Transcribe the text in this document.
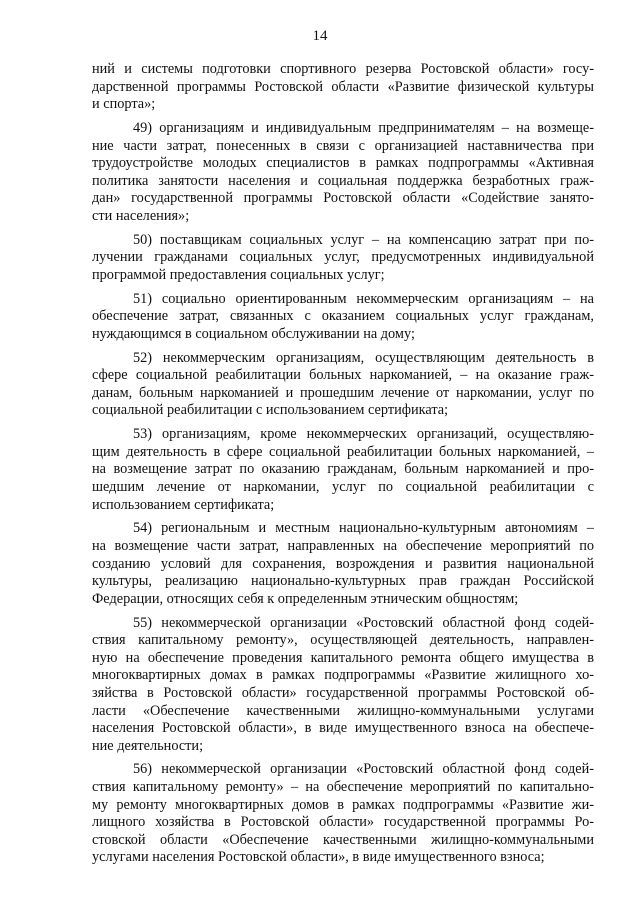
14
ний и системы подготовки спортивного резерва Ростовской области» госу-
дарственной программы Ростовской области «Развитие физической культуры
и спорта»;
49) организациям и индивидуальным предпринимателям – на возмеще-
ние части затрат, понесенных в связи с организацией наставничества при
трудоустройстве молодых специалистов в рамках подпрограммы «Активная
политика занятости населения и социальная поддержка безработных граж-
дан» государственной программы Ростовской области «Содействие занято-
сти населения»;
50) поставщикам социальных услуг – на компенсацию затрат при по-
лучении гражданами социальных услуг, предусмотренных индивидуальной
программой предоставления социальных услуг;
51) социально ориентированным некоммерческим организациям – на
обеспечение затрат, связанных с оказанием социальных услуг гражданам,
нуждающимся в социальном обслуживании на дому;
52) некоммерческим организациям, осуществляющим деятельность в
сфере социальной реабилитации больных наркоманией, – на оказание граж-
данам, больным наркоманией и прошедшим лечение от наркомании, услуг по
социальной реабилитации с использованием сертификата;
53) организациям, кроме некоммерческих организаций, осуществляю-
щим деятельность в сфере социальной реабилитации больных наркоманией, –
на возмещение затрат по оказанию гражданам, больным наркоманией и про-
шедшим лечение от наркомании, услуг по социальной реабилитации с
использованием сертификата;
54) региональным и местным национально-культурным автономиям –
на возмещение части затрат, направленных на обеспечение мероприятий по
созданию условий для сохранения, возрождения и развития национальной
культуры, реализацию национально-культурных прав граждан Российской
Федерации, относящих себя к определенным этническим общностям;
55) некоммерческой организации «Ростовский областной фонд содей-
ствия капитальному ремонту», осуществляющей деятельность, направлен-
ную на обеспечение проведения капитального ремонта общего имущества в
многоквартирных домах в рамках подпрограммы «Развитие жилищного хо-
зяйства в Ростовской области» государственной программы Ростовской об-
ласти «Обеспечение качественными жилищно-коммунальными услугами
населения Ростовской области», в виде имущественного взноса на обеспече-
ние деятельности;
56) некоммерческой организации «Ростовский областной фонд содей-
ствия капитальному ремонту» – на обеспечение мероприятий по капитально-
му ремонту многоквартирных домов в рамках подпрограммы «Развитие жи-
лищного хозяйства в Ростовской области» государственной программы Ро-
стовской области «Обеспечение качественными жилищно-коммунальными
услугами населения Ростовской области», в виде имущественного взноса;
